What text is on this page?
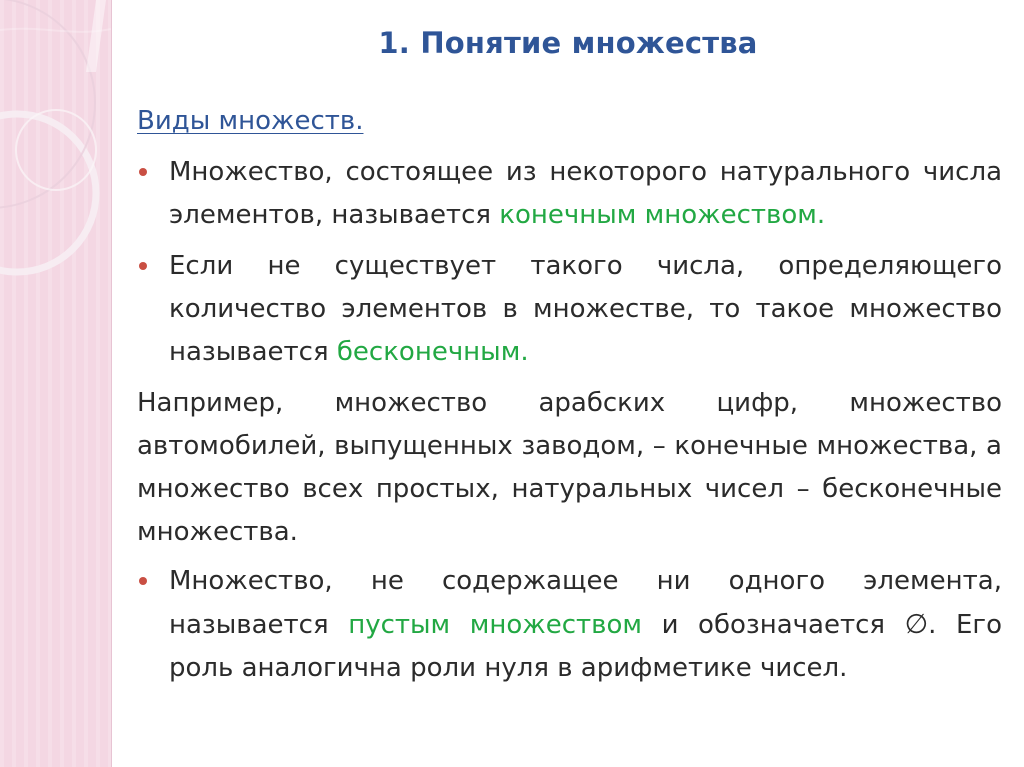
1. Понятие множества
Виды множеств.
Множество, состоящее из некоторого натурального числа элементов, называется конечным множеством.
Если не существует такого числа, определяющего количество элементов в множестве, то такое множество называется бесконечным.
Например, множество арабских цифр, множество автомобилей, выпущенных заводом, – конечные множества, а множество всех простых, натуральных чисел – бесконечные множества.
Множество, не содержащее ни одного элемента, называется пустым множеством и обозначается ∅. Его роль аналогична роли нуля в арифметике чисел.
